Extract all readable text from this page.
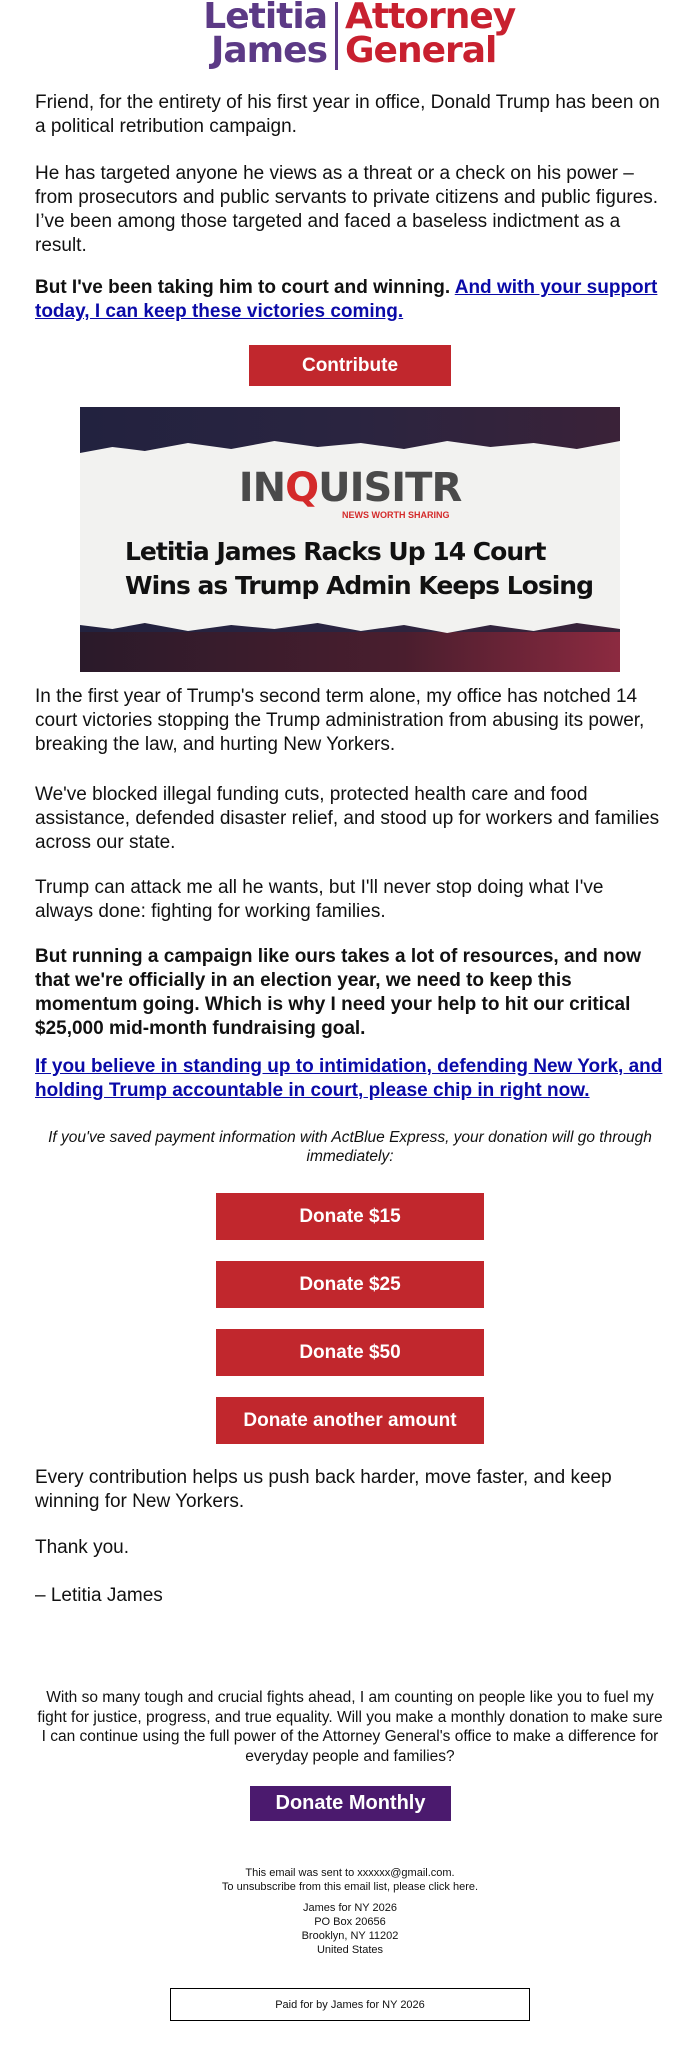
Letitia
James
Attorney
General

Friend, for the entirety of his first year in office, Donald Trump has been on a political retribution campaign.

He has targeted anyone he views as a threat or a check on his power – from prosecutors and public servants to private citizens and public figures. I’ve been among those targeted and faced a baseless indictment as a result.

But I've been taking him to court and winning. And with your support today, I can keep these victories coming.

Contribute
INQUISITR
NEWS WORTH SHARING
Letitia James Racks Up 14 Court Wins as Trump Admin Keeps Losing

In the first year of Trump's second term alone, my office has notched 14 court victories stopping the Trump administration from abusing its power, breaking the law, and hurting New Yorkers.

We've blocked illegal funding cuts, protected health care and food assistance, defended disaster relief, and stood up for workers and families across our state.

Trump can attack me all he wants, but I'll never stop doing what I've always done: fighting for working families.

But running a campaign like ours takes a lot of resources, and now that we're officially in an election year, we need to keep this momentum going. Which is why I need your help to hit our critical $25,000 mid-month fundraising goal.

If you believe in standing up to intimidation, defending New York, and holding Trump accountable in court, please chip in right now.

If you've saved payment information with ActBlue Express, your donation will go through immediately:
Donate $15
Donate $25
Donate $50
Donate another amount

Every contribution helps us push back harder, move faster, and keep winning for New Yorkers.

Thank you.

– Letitia James

With so many tough and crucial fights ahead, I am counting on people like you to fuel my fight for justice, progress, and true equality. Will you make a monthly donation to make sure I can continue using the full power of the Attorney General's office to make a difference for everyday people and families?
Donate Monthly
This email was sent to xxxxxx@gmail.com.
To unsubscribe from this email list, please click here.
James for NY 2026
PO Box 20656
Brooklyn, NY 11202
United States
Paid for by James for NY 2026
